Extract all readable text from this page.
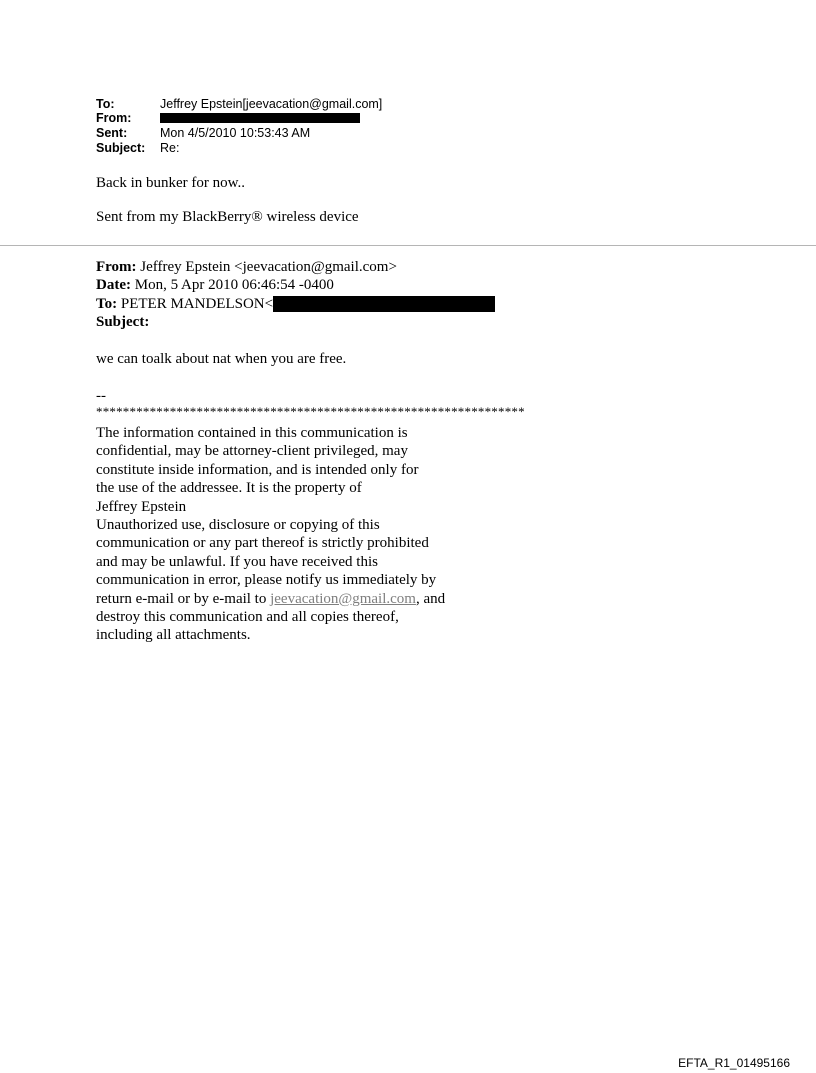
To:	Jeffrey Epstein[jeevacation@gmail.com]
From:
Sent:	Mon 4/5/2010 10:53:43 AM
Subject: Re:
Back in bunker for now..
Sent from my BlackBerry® wireless device
From: Jeffrey Epstein <jeevacation@gmail.com>
Date: Mon, 5 Apr 2010 06:46:54 -0400
To: PETER MANDELSON<
Subject:
we can toalk about nat when you are free.
--
****************************************************************
The information contained in this communication is
confidential, may be attorney-client privileged, may
constitute inside information, and is intended only for
the use of the addressee. It is the property of
Jeffrey Epstein
Unauthorized use, disclosure or copying of this
communication or any part thereof is strictly prohibited
and may be unlawful. If you have received this
communication in error, please notify us immediately by
return e-mail or by e-mail to jeevacation@gmail.com, and
destroy this communication and all copies thereof,
including all attachments.
EFTA_R1_01495166
